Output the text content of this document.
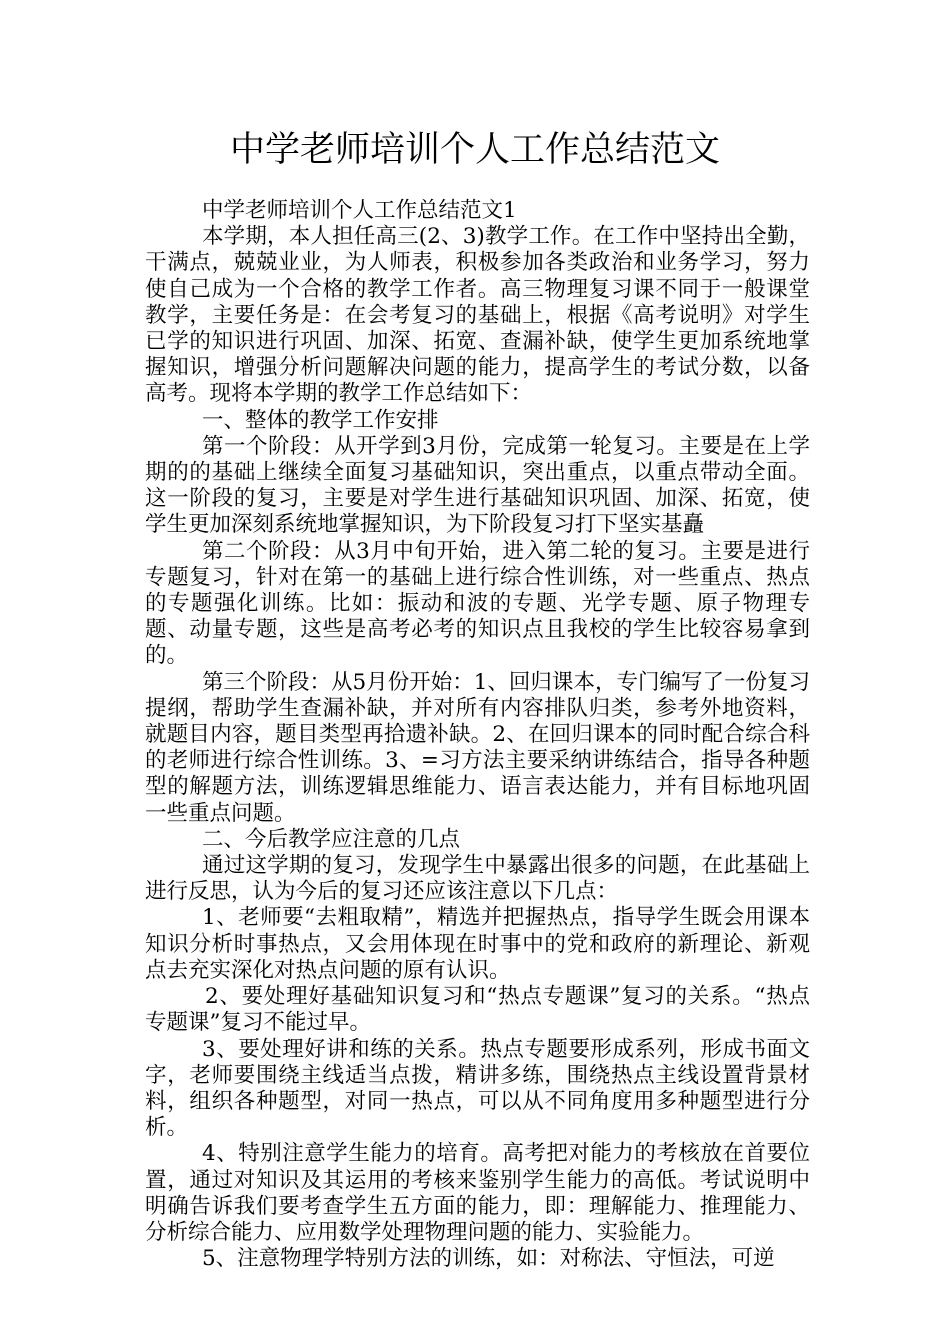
中学老师培训个人工作总结范文

中学老师培训个人工作总结范文1

本学期，本人担任高三(2、3)教学工作。在工作中坚持出全勤，干满点，兢兢业业，为人师表，积极参加各类政治和业务学习，努力使自己成为一个合格的教学工作者。高三物理复习课不同于一般课堂教学，主要任务是：在会考复习的基础上，根据《高考说明》对学生已学的知识进行巩固、加深、拓宽、查漏补缺，使学生更加系统地掌握知识，增强分析问题解决问题的能力，提高学生的考试分数，以备高考。现将本学期的教学工作总结如下：

一、整体的教学工作安排

第一个阶段：从开学到3月份，完成第一轮复习。主要是在上学期的的基础上继续全面复习基础知识，突出重点，以重点带动全面。这一阶段的复习，主要是对学生进行基础知识巩固、加深、拓宽，使学生更加深刻系统地掌握知识，为下阶段复习打下坚实基矗

第二个阶段：从3月中旬开始，进入第二轮的复习。主要是进行专题复习，针对在第一的基础上进行综合性训练，对一些重点、热点的专题强化训练。比如：振动和波的专题、光学专题、原子物理专题、动量专题，这些是高考必考的知识点且我校的学生比较容易拿到的。

第三个阶段：从5月份开始：1、回归课本，专门编写了一份复习提纲，帮助学生查漏补缺，并对所有内容排队归类，参考外地资料，就题目内容，题目类型再拾遗补缺。2、在回归课本的同时配合综合科的老师进行综合性训练。3、=习方法主要采纳讲练结合，指导各种题型的解题方法，训练逻辑思维能力、语言表达能力，并有目标地巩固一些重点问题。

二、今后教学应注意的几点

通过这学期的复习，发现学生中暴露出很多的问题，在此基础上进行反思，认为今后的复习还应该注意以下几点：

1、老师要“去粗取精”，精选并把握热点，指导学生既会用课本知识分析时事热点，又会用体现在时事中的党和政府的新理论、新观点去充实深化对热点问题的原有认识。

2、要处理好基础知识复习和“热点专题课”复习的关系。“热点专题课”复习不能过早。

3、要处理好讲和练的关系。热点专题要形成系列，形成书面文字，老师要围绕主线适当点拨，精讲多练，围绕热点主线设置背景材料，组织各种题型，对同一热点，可以从不同角度用多种题型进行分析。

4、特别注意学生能力的培育。高考把对能力的考核放在首要位置，通过对知识及其运用的考核来鉴别学生能力的高低。考试说明中明确告诉我们要考查学生五方面的能力，即：理解能力、推理能力、分析综合能力、应用数学处理物理问题的能力、实验能力。

5、注意物理学特别方法的训练，如：对称法、守恒法，可逆
